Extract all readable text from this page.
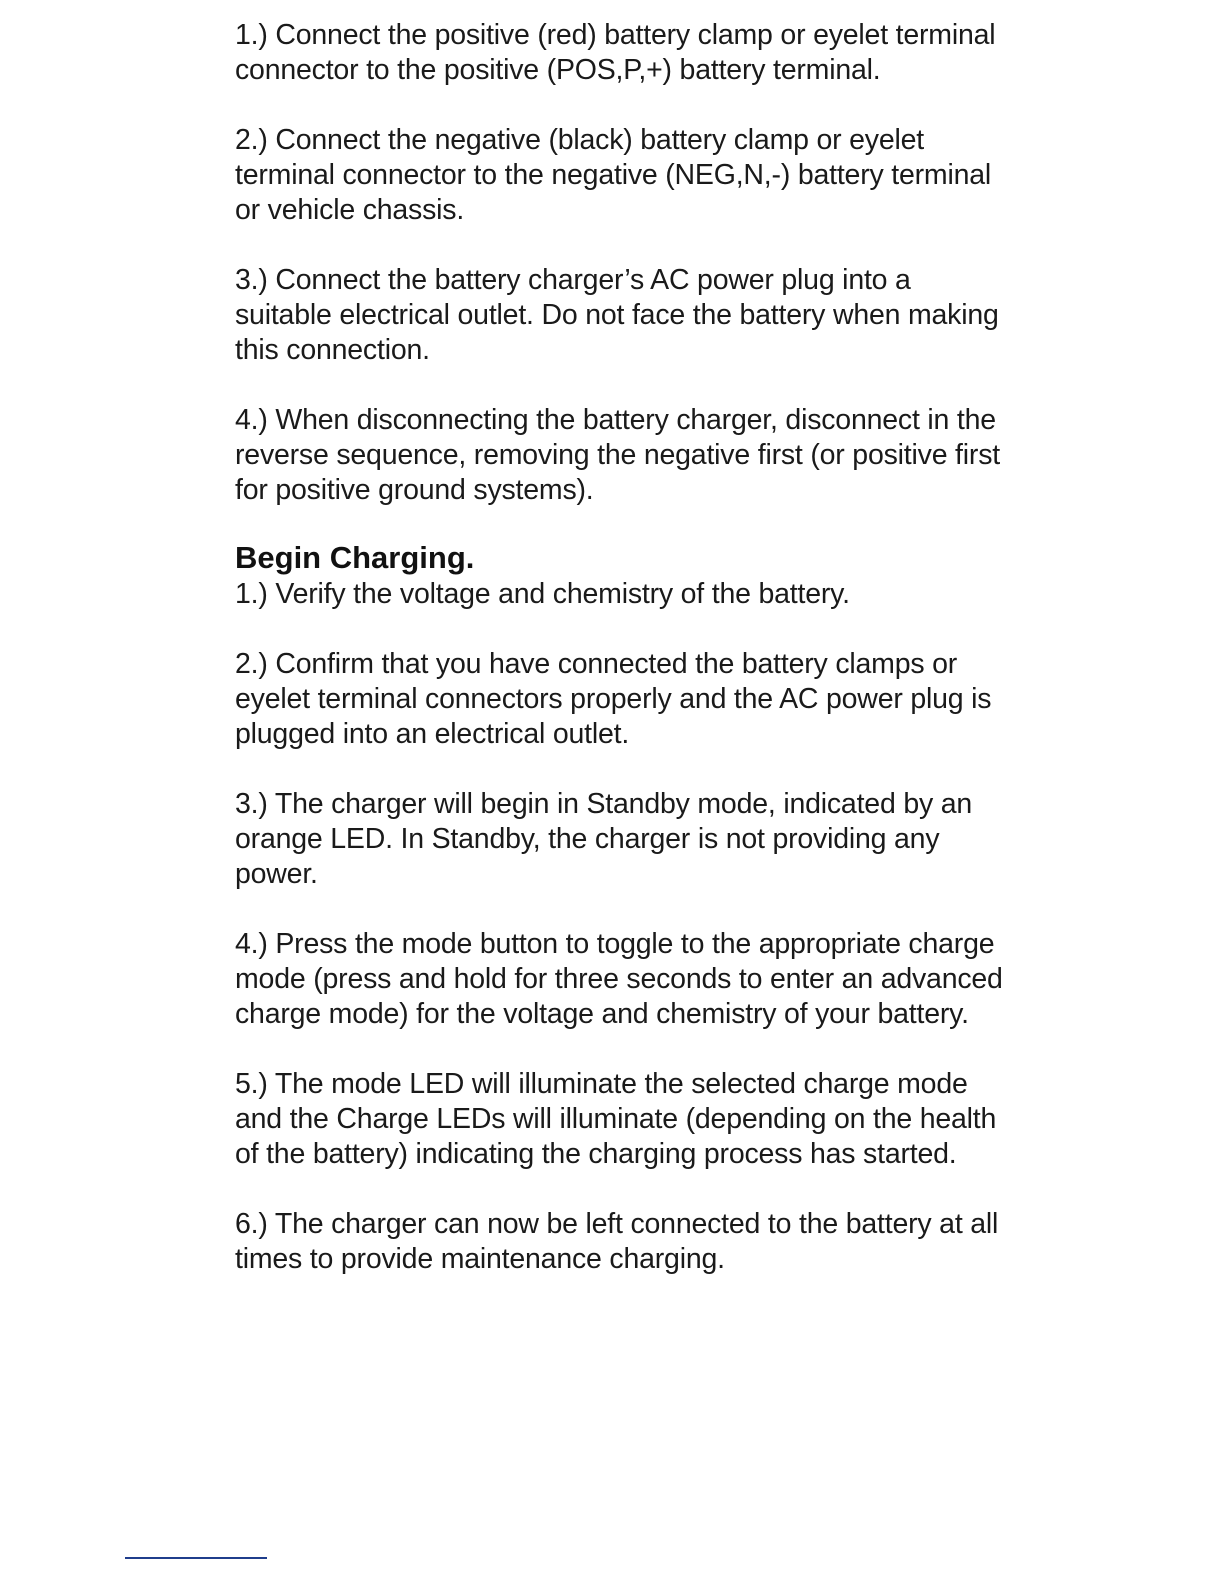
1.) Connect the positive (red) battery clamp or eyelet terminal connector to the positive (POS,P,+) battery terminal.

2.) Connect the negative (black) battery clamp or eyelet terminal connector to the negative (NEG,N,-) battery terminal or vehicle chassis.

3.) Connect the battery charger’s AC power plug into a suitable electrical outlet. Do not face the battery when making this connection.

4.) When disconnecting the battery charger, disconnect in the reverse sequence, removing the negative first (or positive first for positive ground systems).

Begin Charging.

1.) Verify the voltage and chemistry of the battery.

2.) Confirm that you have connected the battery clamps or eyelet terminal connectors properly and the AC power plug is plugged into an electrical outlet.

3.) The charger will begin in Standby mode, indicated by an orange LED. In Standby, the charger is not providing any power.

4.) Press the mode button to toggle to the appropriate charge mode (press and hold for three seconds to enter an advanced charge mode) for the voltage and chemistry of your battery.

5.) The mode LED will illuminate the selected charge mode and the Charge LEDs will illuminate (depending on the health of the battery) indicating the charging process has started.

6.) The charger can now be left connected to the battery at all times to provide maintenance charging.
